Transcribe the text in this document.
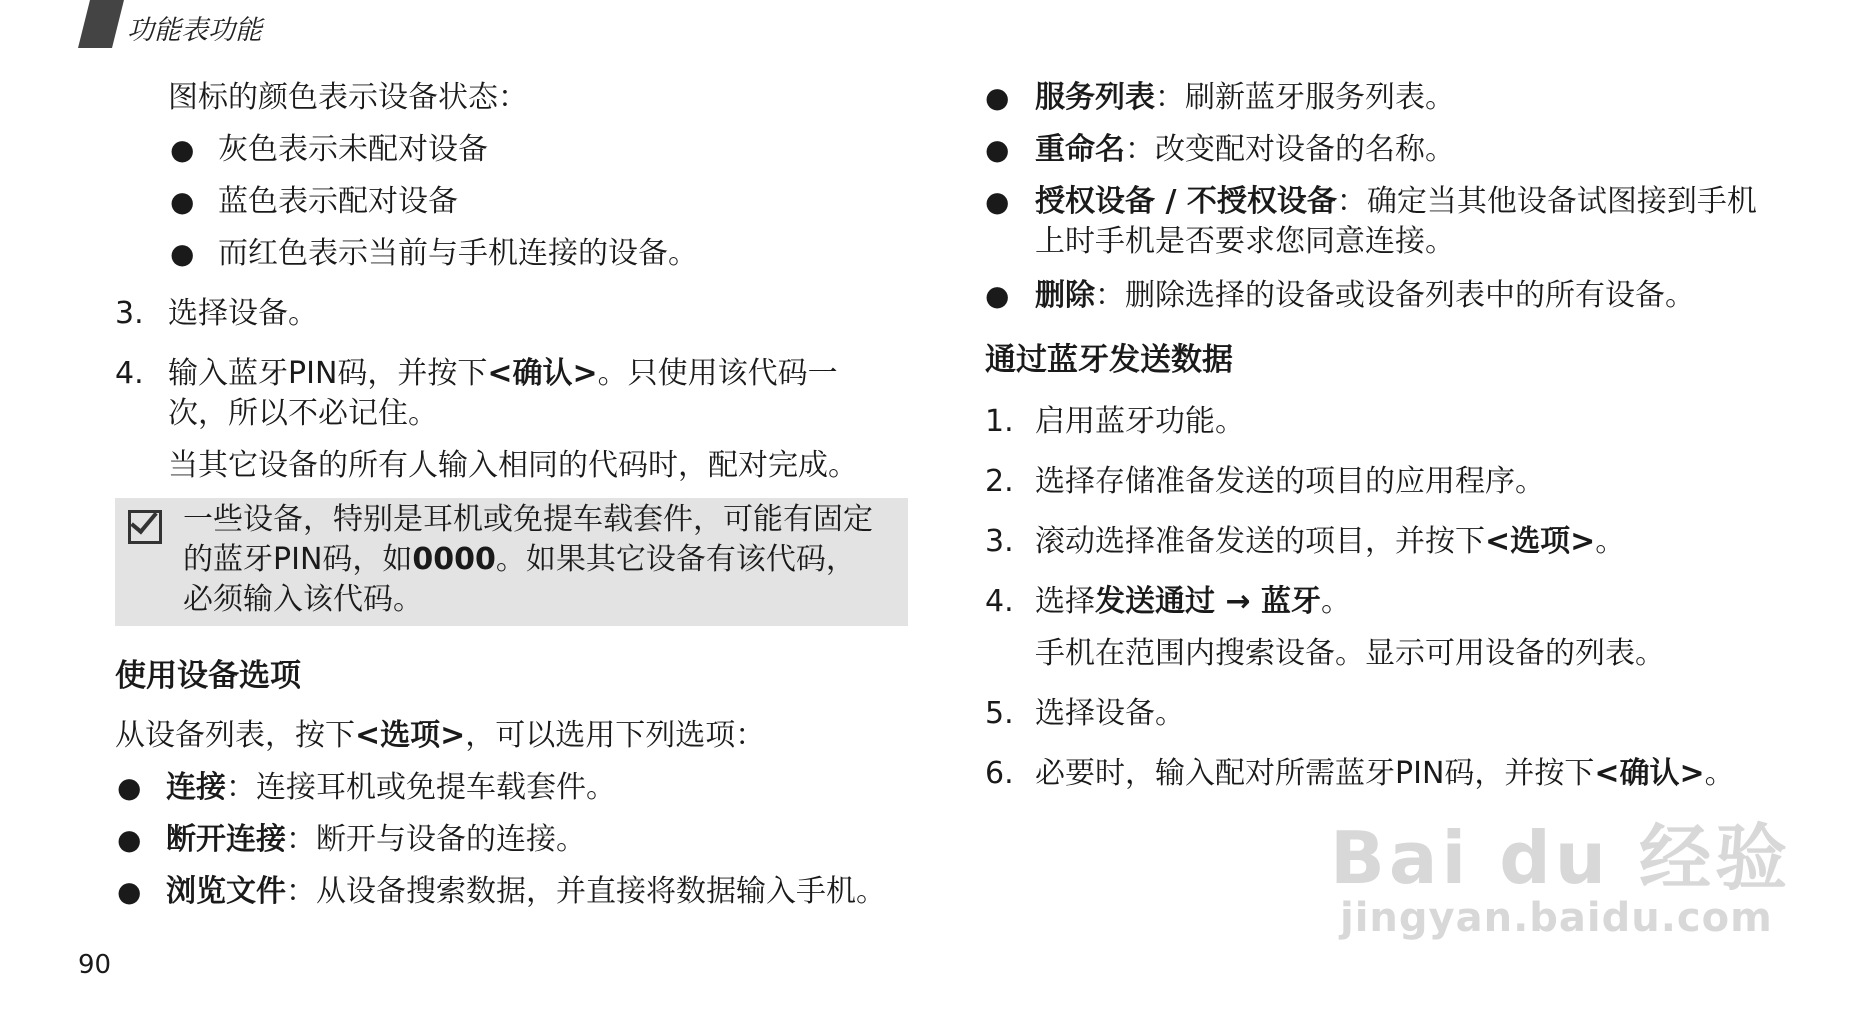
功能表功能
图标的颜色表示设备状态：
● 灰色表示未配对设备
● 蓝色表示配对设备
● 而红色表示当前与手机连接的设备。
3. 选择设备。
4. 输入蓝牙PIN码，并按下<确认>。只使用该代码一
次，所以不必记住。
当其它设备的所有人输入相同的代码时，配对完成。
一些设备，特别是耳机或免提车载套件，可能有固定
的蓝牙PIN码，如0000。如果其它设备有该代码，
必须输入该代码。
使用设备选项
从设备列表，按下<选项>，可以选用下列选项：
● 连接：连接耳机或免提车载套件。
● 断开连接：断开与设备的连接。
● 浏览文件：从设备搜索数据，并直接将数据输入手机。
● 服务列表：刷新蓝牙服务列表。
● 重命名：改变配对设备的名称。
● 授权设备 / 不授权设备：确定当其他设备试图接到手机
上时手机是否要求您同意连接。
● 删除：删除选择的设备或设备列表中的所有设备。
通过蓝牙发送数据
1. 启用蓝牙功能。
2. 选择存储准备发送的项目的应用程序。
3. 滚动选择准备发送的项目，并按下<选项>。
4. 选择发送通过 → 蓝牙。
手机在范围内搜索设备。显示可用设备的列表。
5. 选择设备。
6. 必要时，输入配对所需蓝牙PIN码，并按下<确认>。
Bai du 经验
jingyan.baidu.com
90
